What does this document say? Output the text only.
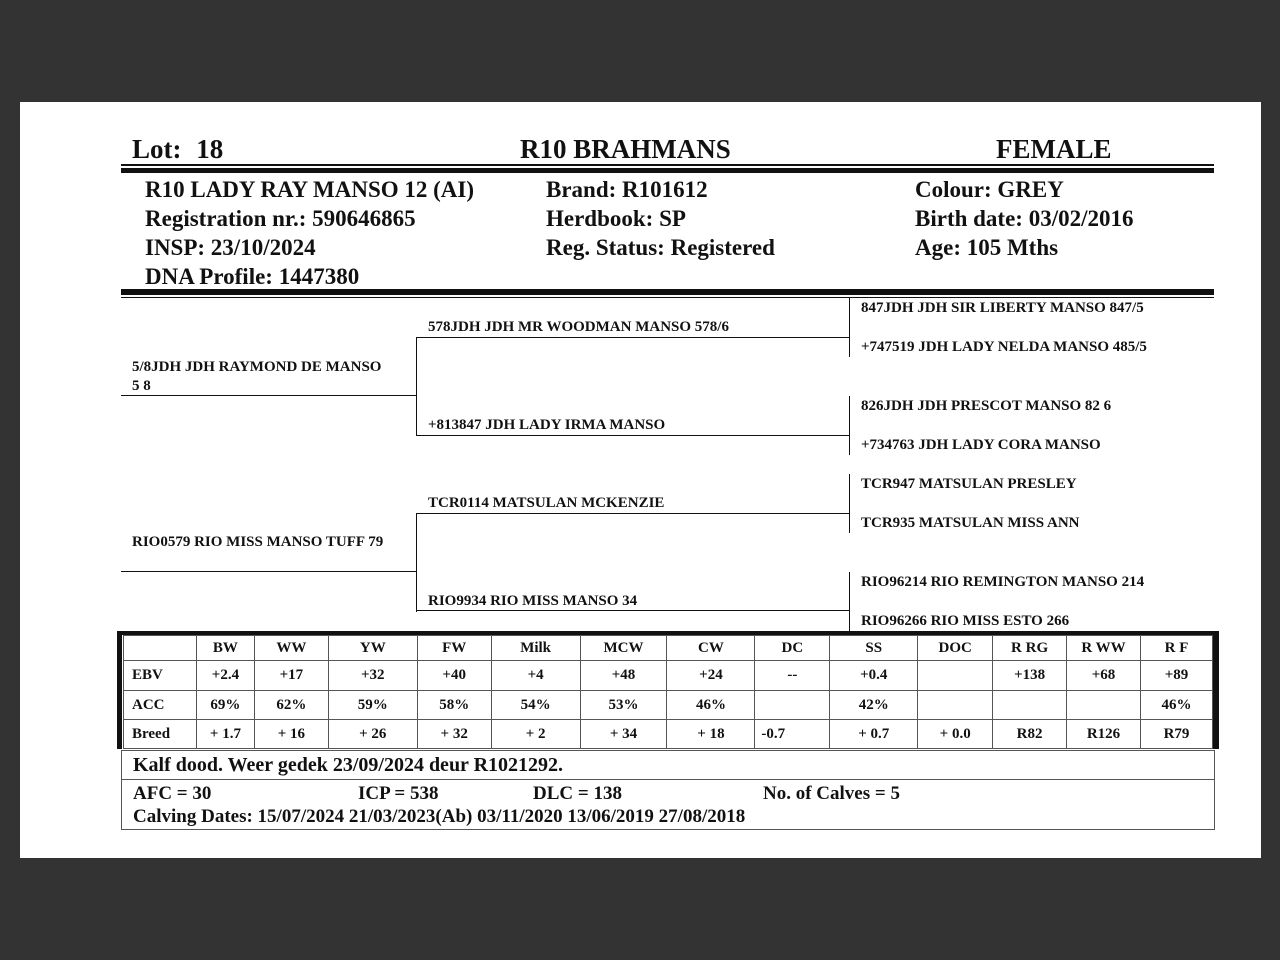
Lot: 18	R10 BRAHMANS	FEMALE
R10 LADY RAY MANSO 12 (AI)
Registration nr.: 590646865
INSP: 23/10/2024
DNA Profile: 1447380
Brand: R101612
Herdbook: SP
Reg. Status: Registered
Colour: GREY
Birth date: 03/02/2016
Age: 105 Mths
5/8JDH JDH RAYMOND DE MANSO 5 8
RIO0579 RIO MISS MANSO TUFF 79
578JDH JDH MR WOODMAN MANSO 578/6
+813847 JDH LADY IRMA MANSO
TCR0114 MATSULAN MCKENZIE
RIO9934 RIO MISS MANSO 34
847JDH JDH SIR LIBERTY MANSO 847/5
+747519 JDH LADY NELDA MANSO 485/5
826JDH JDH PRESCOT MANSO 82 6
+734763 JDH LADY CORA MANSO
TCR947 MATSULAN PRESLEY
TCR935 MATSULAN MISS ANN
RIO96214 RIO REMINGTON MANSO 214
RIO96266 RIO MISS ESTO 266
	BW	WW	YW	FW	Milk	MCW	CW	DC	SS	DOC	R RG	R WW	R F
EBV	+2.4	+17	+32	+40	+4	+48	+24	--	+0.4		+138	+68	+89
ACC	69%	62%	59%	58%	54%	53%	46%		42%				46%
Breed	+ 1.7	+ 16	+ 26	+ 32	+ 2	+ 34	+ 18	-0.7	+ 0.7	+ 0.0	R82	R126	R79
Kalf dood. Weer gedek 23/09/2024 deur R1021292.
AFC = 30	ICP = 538	DLC = 138	No. of Calves = 5
Calving Dates: 15/07/2024 21/03/2023(Ab) 03/11/2020 13/06/2019 27/08/2018
